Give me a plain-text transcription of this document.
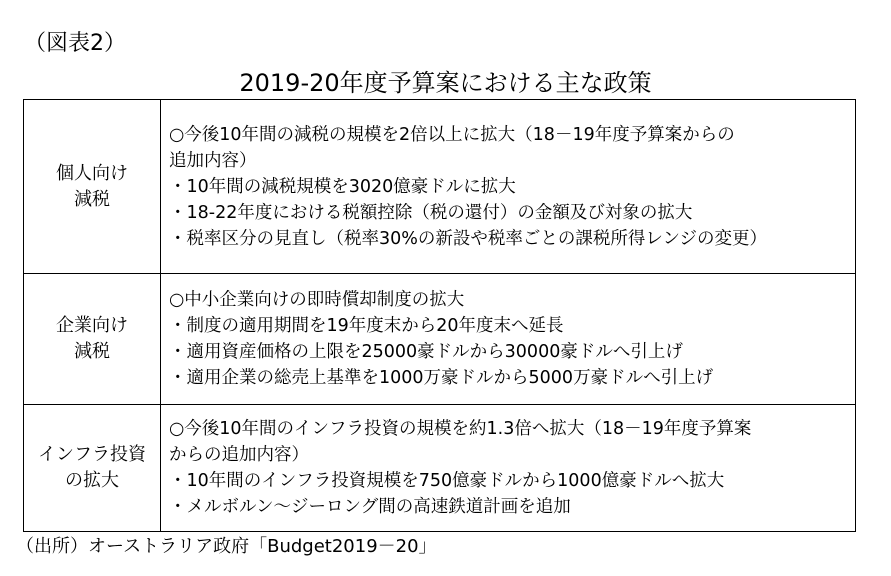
（図表2）
2019-20年度予算案における主な政策
個人向け
減税	○今後10年間の減税の規模を2倍以上に拡大（18－19年度予算案からの
追加内容）
・10年間の減税規模を3020億豪ドルに拡大
・18-22年度における税額控除（税の還付）の金額及び対象の拡大
・税率区分の見直し（税率30%の新設や税率ごとの課税所得レンジの変更）

企業向け
減税	○中小企業向けの即時償却制度の拡大
・制度の適用期間を19年度末から20年度末へ延長
・適用資産価格の上限を25000豪ドルから30000豪ドルへ引上げ
・適用企業の総売上基準を1000万豪ドルから5000万豪ドルへ引上げ

インフラ投資
の拡大	○今後10年間のインフラ投資の規模を約1.3倍へ拡大（18－19年度予算案
からの追加内容）
・10年間のインフラ投資規模を750億豪ドルから1000億豪ドルへ拡大
・メルボルン～ジーロング間の高速鉄道計画を追加
（出所）オーストラリア政府「Budget2019－20」
